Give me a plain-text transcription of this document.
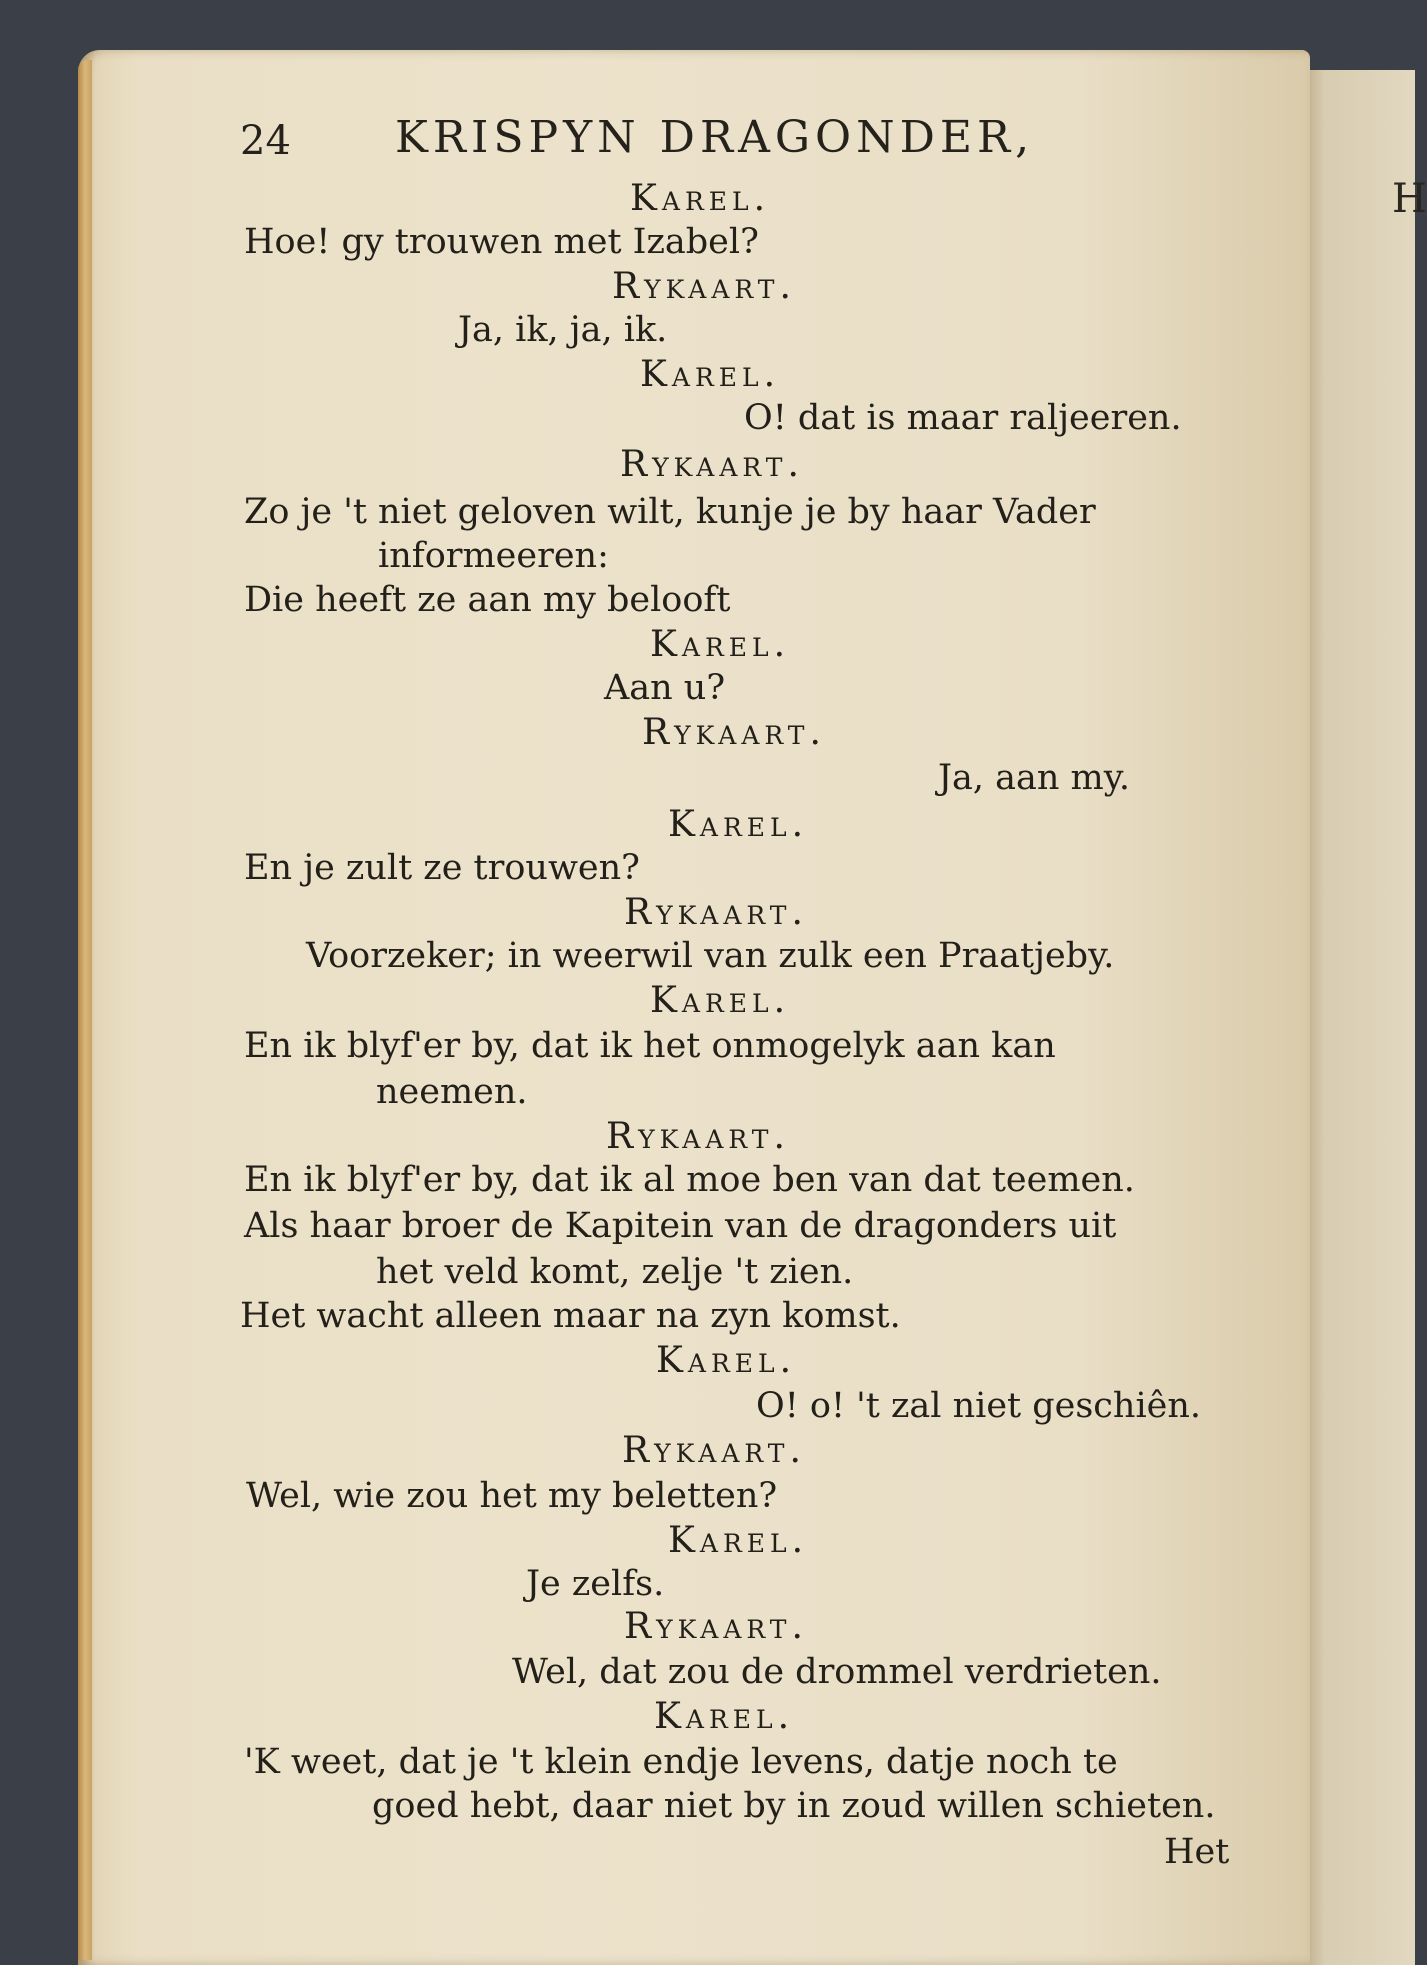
H
24 KRISPYN DRAGONDER,
Karel.
Hoe! gy trouwen met Izabel?
Rykaart.
Ja, ik, ja, ik.
Karel.
O! dat is maar raljeeren.
Rykaart.
Zo je 't niet geloven wilt, kunje je by haar Vader
informeeren:
Die heeft ze aan my belooft
Karel.
Aan u?
Rykaart.
Ja, aan my.
Karel.
En je zult ze trouwen?
Rykaart.
Voorzeker; in weerwil van zulk een Praatjeby.
Karel.
En ik blyf'er by, dat ik het onmogelyk aan kan
neemen.
Rykaart.
En ik blyf'er by, dat ik al moe ben van dat teemen.
Als haar broer de Kapitein van de dragonders uit
het veld komt, zelje 't zien.
Het wacht alleen maar na zyn komst.
Karel.
O! o! 't zal niet geschiên.
Rykaart.
Wel, wie zou het my beletten?
Karel.
Je zelfs.
Rykaart.
Wel, dat zou de drommel verdrieten.
Karel.
'K weet, dat je 't klein endje levens, datje noch te
goed hebt, daar niet by in zoud willen schieten.
Het
